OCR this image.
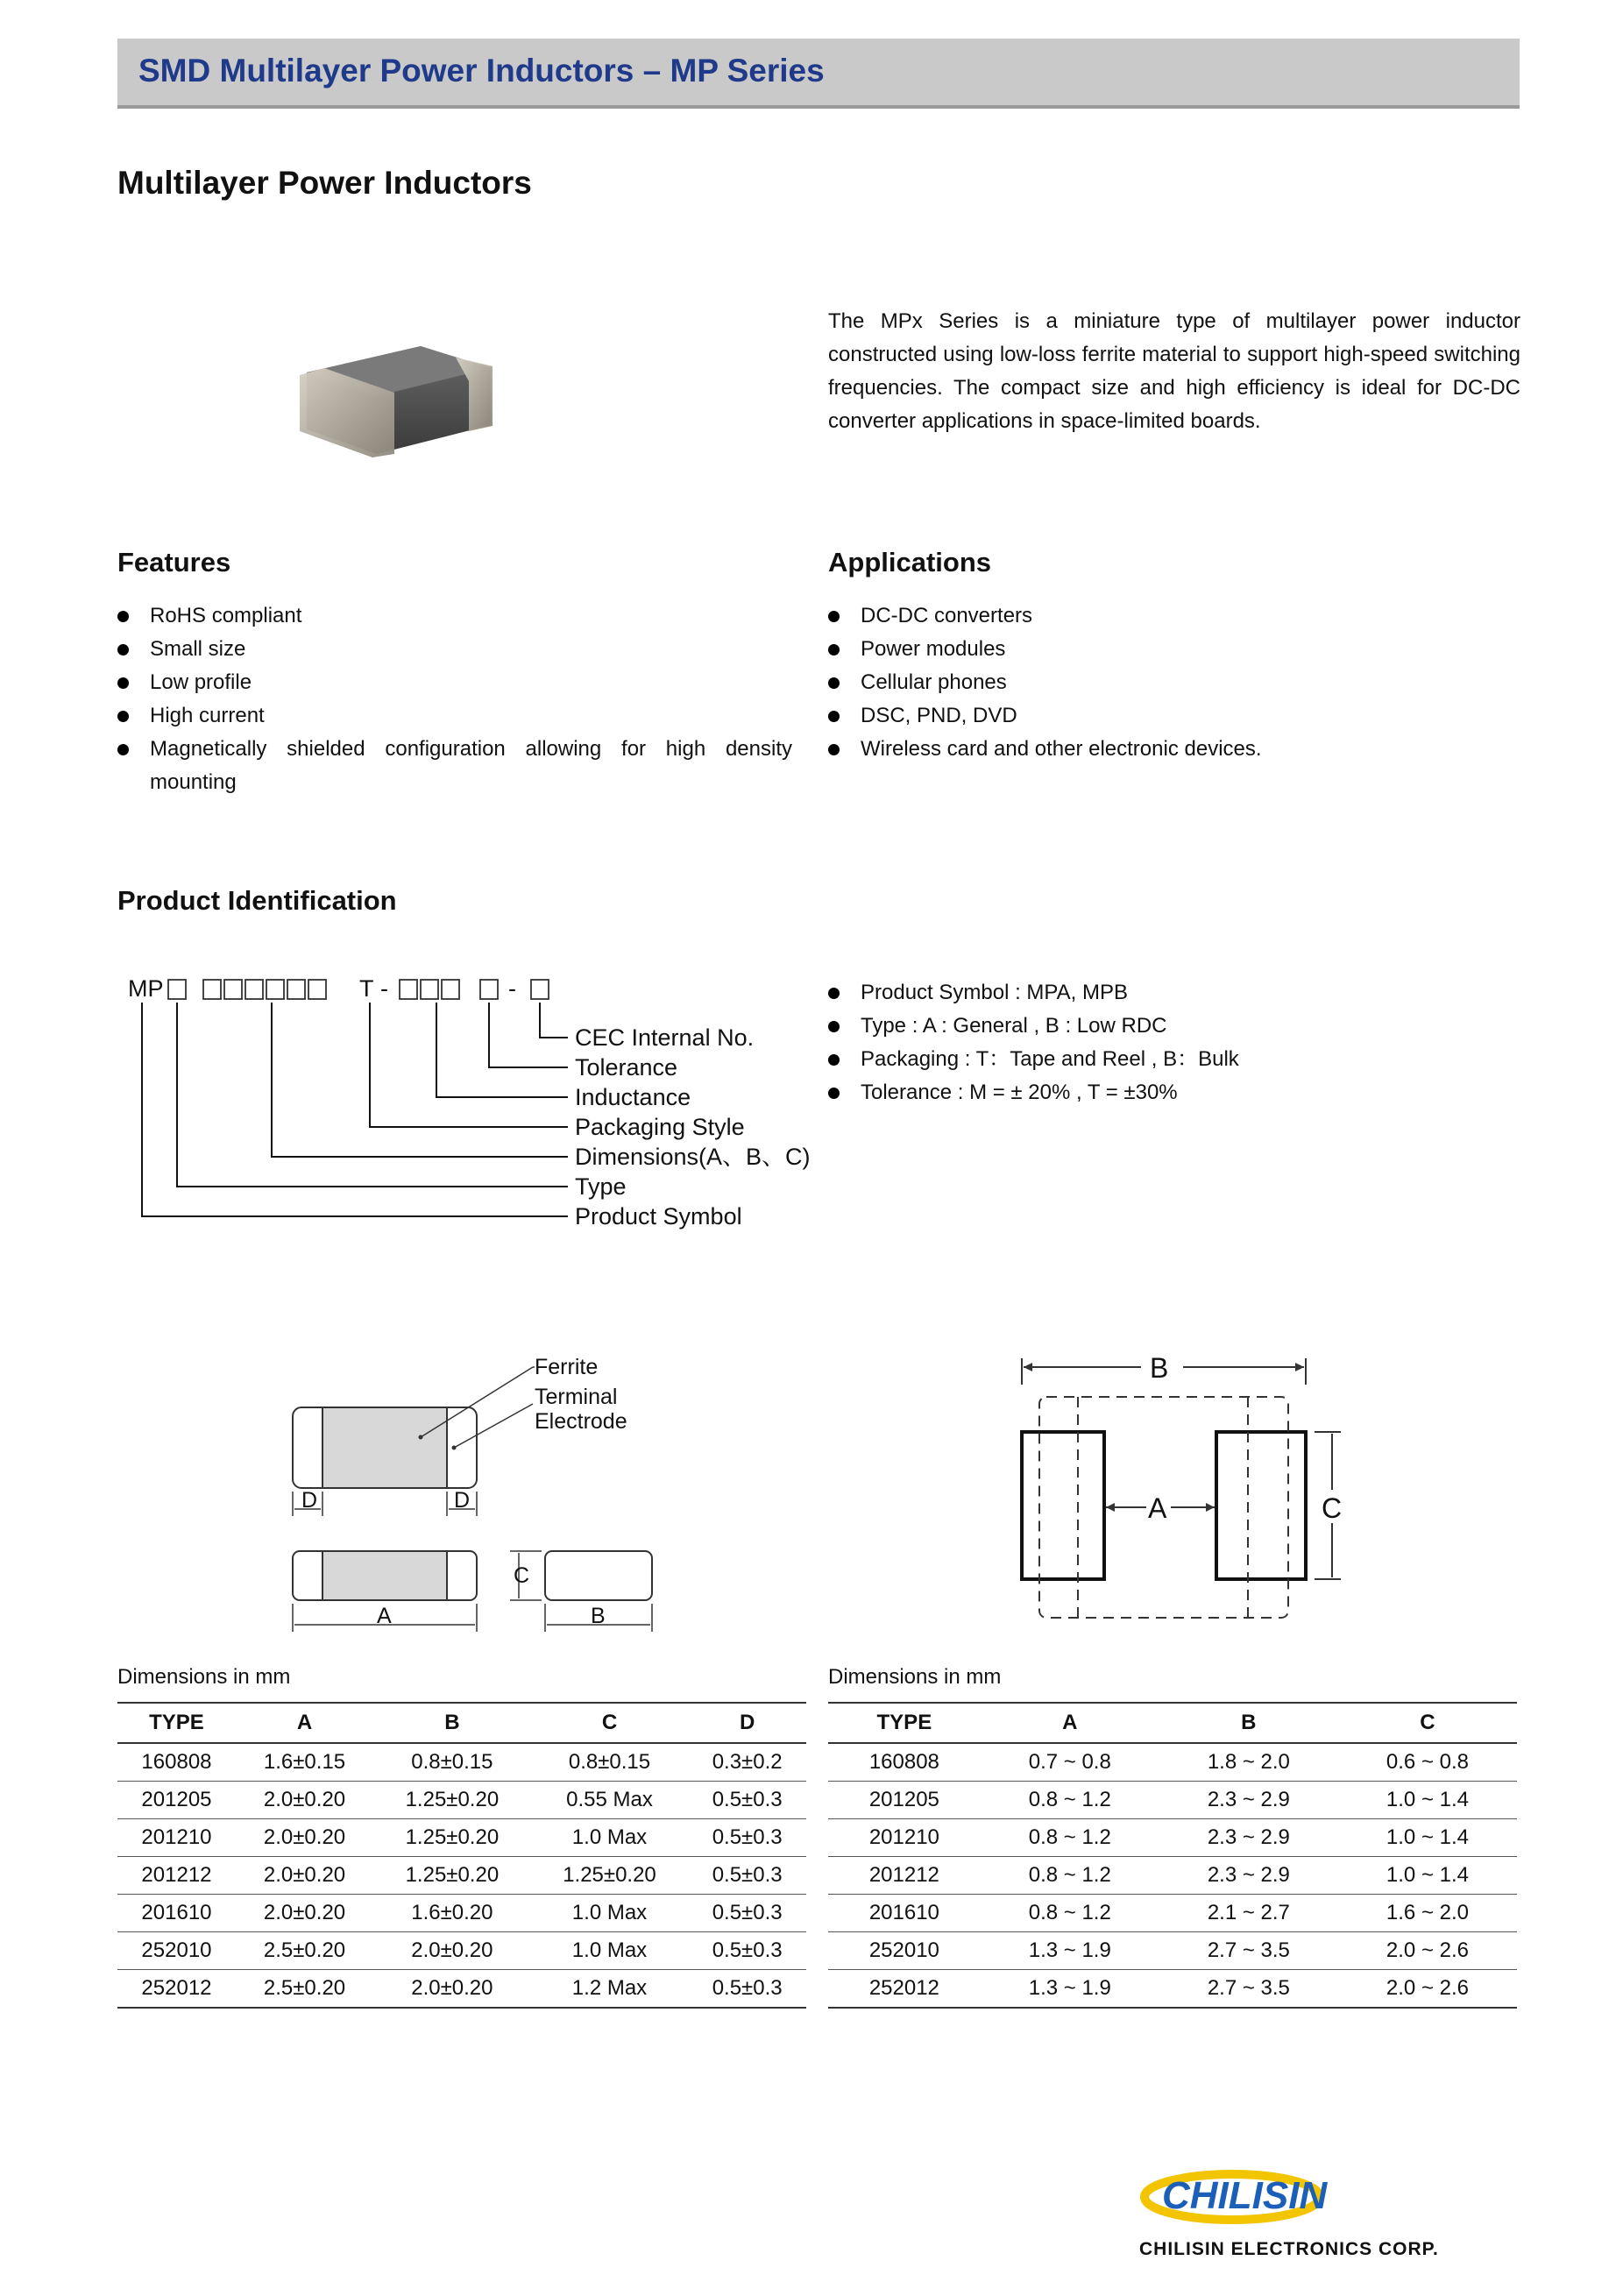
SMD Multilayer Power Inductors – MP Series
Multilayer Power Inductors
The MPx Series is a miniature type of multilayer power inductor constructed using low-loss ferrite material to support high-speed switching frequencies. The compact size and high efficiency is ideal for DC-DC converter applications in space-limited boards.
Features
RoHS compliant
Small size
Low profile
High current
Magnetically shielded configuration allowing for high density mounting
Applications
DC-DC converters
Power modules
Cellular phones
DSC, PND, DVD
Wireless card and other electronic devices.
Product Identification
MP	T -	-
CEC Internal No.
Tolerance
Inductance
Packaging Style
Dimensions(A、B、C)
Type
Product Symbol
Product Symbol : MPA, MPB
Type : A : General , B : Low RDC
Packaging : T：Tape and Reel , B：Bulk
Tolerance : M = ± 20% , T = ±30%
Ferrite
Terminal
Electrode
D	D
A	B
C
B
A	C
Dimensions in mm
TYPE	A	B	C	D
160808	1.6±0.15	0.8±0.15	0.8±0.15	0.3±0.2
201205	2.0±0.20	1.25±0.20	0.55 Max	0.5±0.3
201210	2.0±0.20	1.25±0.20	1.0 Max	0.5±0.3
201212	2.0±0.20	1.25±0.20	1.25±0.20	0.5±0.3
201610	2.0±0.20	1.6±0.20	1.0 Max	0.5±0.3
252010	2.5±0.20	2.0±0.20	1.0 Max	0.5±0.3
252012	2.5±0.20	2.0±0.20	1.2 Max	0.5±0.3
Dimensions in mm
TYPE	A	B	C
160808	0.7 ~ 0.8	1.8 ~ 2.0	0.6 ~ 0.8
201205	0.8 ~ 1.2	2.3 ~ 2.9	1.0 ~ 1.4
201210	0.8 ~ 1.2	2.3 ~ 2.9	1.0 ~ 1.4
201212	0.8 ~ 1.2	2.3 ~ 2.9	1.0 ~ 1.4
201610	0.8 ~ 1.2	2.1 ~ 2.7	1.6 ~ 2.0
252010	1.3 ~ 1.9	2.7 ~ 3.5	2.0 ~ 2.6
252012	1.3 ~ 1.9	2.7 ~ 3.5	2.0 ~ 2.6
CHILISIN
CHILISIN ELECTRONICS CORP.
